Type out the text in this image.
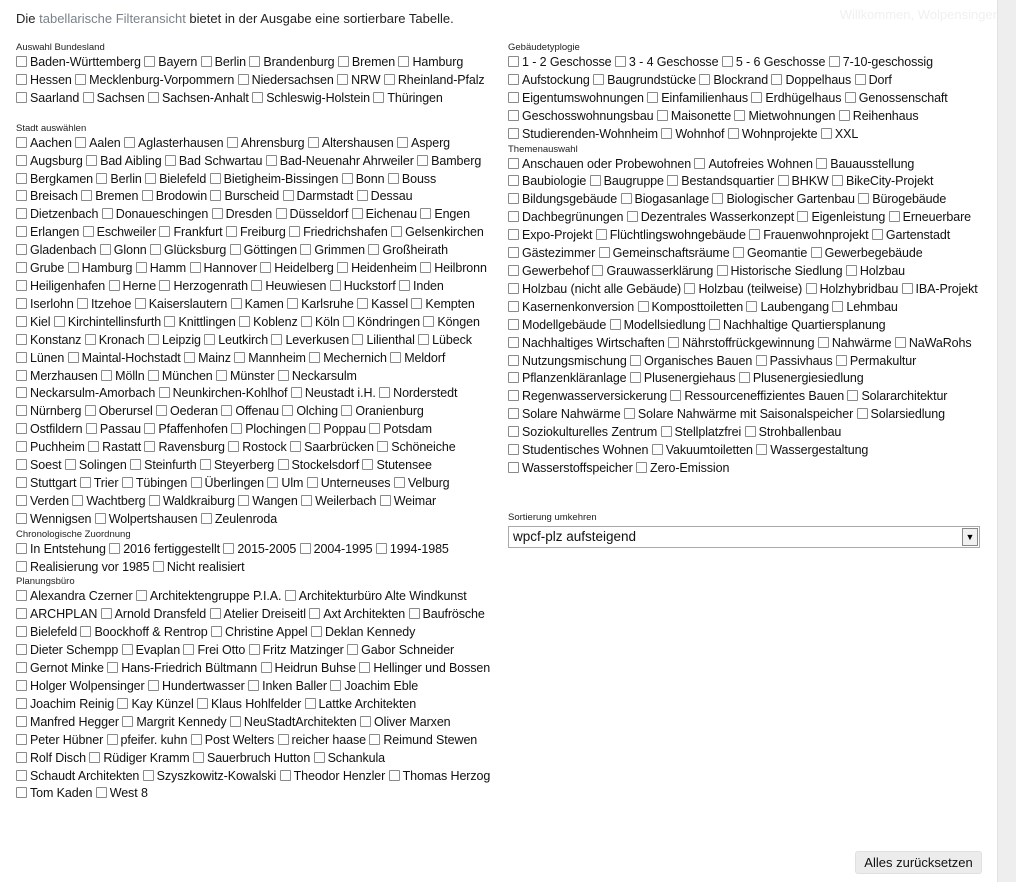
Willkommen, Wolpensinger
Die tabellarische Filteransicht bietet in der Ausgabe eine sortierbare Tabelle.
Auswahl Bundesland
Baden-Württemberg Bayern Berlin Brandenburg Bremen Hamburg Hessen Mecklenburg-Vorpommern Niedersachsen NRW Rheinland-Pfalz Saarland Sachsen Sachsen-Anhalt Schleswig-Holstein Thüringen
Stadt auswählen
Aachen Aalen Aglasterhausen Ahrensburg Altershausen Asperg Augsburg Bad Aibling Bad Schwartau Bad-Neuenahr Ahrweiler Bamberg Bergkamen Berlin Bielefeld Bietigheim-Bissingen Bonn Bouss Breisach Bremen Brodowin Burscheid Darmstadt Dessau Dietzenbach Donaueschingen Dresden Düsseldorf Eichenau Engen Erlangen Eschweiler Frankfurt Freiburg Friedrichshafen Gelsenkirchen Gladenbach Glonn Glücksburg Göttingen Grimmen Großheirath Grube Hamburg Hamm Hannover Heidelberg Heidenheim Heilbronn Heiligenhafen Herne Herzogenrath Heuwiesen Huckstorf Inden Iserlohn Itzehoe Kaiserslautern Kamen Karlsruhe Kassel Kempten Kiel Kirchintellinsfurth Knittlingen Koblenz Köln Köndringen Köngen Konstanz Kronach Leipzig Leutkirch Leverkusen Lilienthal Lübeck Lünen Maintal-Hochstadt Mainz Mannheim Mechernich Meldorf Merzhausen Mölln München Münster Neckarsulm Neckarsulm-Amorbach Neunkirchen-Kohlhof Neustadt i.H. Norderstedt Nürnberg Oberursel Oederan Offenau Olching Oranienburg Ostfildern Passau Pfaffenhofen Plochingen Poppau Potsdam Puchheim Rastatt Ravensburg Rostock Saarbrücken Schöneiche Soest Solingen Steinfurth Steyerberg Stockelsdorf Stutensee Stuttgart Trier Tübingen Überlingen Ulm Unterneuses Velburg Verden Wachtberg Waldkraiburg Wangen Weilerbach Weimar Wennigsen Wolpertshausen Zeulenroda
Chronologische Zuordnung
In Entstehung 2016 fertiggestellt 2015-2005 2004-1995 1994-1985 Realisierung vor 1985 Nicht realisiert
Planungsbüro
Alexandra Czerner Architektengruppe P.I.A. Architekturbüro Alte Windkunst ARCHPLAN Arnold Dransfeld Atelier Dreiseitl Axt Architekten Baufrösche Bielefeld Boockhoff & Rentrop Christine Appel Deklan Kennedy Dieter Schempp Evaplan Frei Otto Fritz Matzinger Gabor Schneider Gernot Minke Hans-Friedrich Bültmann Heidrun Buhse Hellinger und Bossen Holger Wolpensinger Hundertwasser Inken Baller Joachim Eble Joachim Reinig Kay Künzel Klaus Hohlfelder Lattke Architekten Manfred Hegger Margrit Kennedy NeuStadtArchitekten Oliver Marxen Peter Hübner pfeifer. kuhn Post Welters reicher haase Reimund Stewen Rolf Disch Rüdiger Kramm Sauerbruch Hutton Schankula Schaudt Architekten Szyszkowitz-Kowalski Theodor Henzler Thomas Herzog Tom Kaden West 8
Gebäudetyplogie
1 - 2 Geschosse 3 - 4 Geschosse 5 - 6 Geschosse 7-10-geschossig Aufstockung Baugrundstücke Blockrand Doppelhaus Dorf Eigentumswohnungen Einfamilienhaus Erdhügelhaus Genossenschaft Geschosswohnungsbau Maisonette Mietwohnungen Reihenhaus Studierenden-Wohnheim Wohnhof Wohnprojekte XXL
Themenauswahl
Anschauen oder Probewohnen Autofreies Wohnen Bauausstellung Baubiologie Baugruppe Bestandsquartier BHKW BikeCity-Projekt Bildungsgebäude Biogasanlage Biologischer Gartenbau Bürogebäude Dachbegrünungen Dezentrales Wasserkonzept Eigenleistung Erneuerbare Expo-Projekt Flüchtlingswohngebäude Frauenwohnprojekt Gartenstadt Gästezimmer Gemeinschaftsräume Geomantie Gewerbegebäude Gewerbehof Grauwasserklärung Historische Siedlung Holzbau Holzbau (nicht alle Gebäude) Holzbau (teilweise) Holzhybridbau IBA-Projekt Kasernenkonversion Komposttoiletten Laubengang Lehmbau Modellgebäude Modellsiedlung Nachhaltige Quartiersplanung Nachhaltiges Wirtschaften Nährstoffrückgewinnung Nahwärme NaWaRohs Nutzungsmischung Organisches Bauen Passivhaus Permakultur Pflanzenkläranlage Plusenergiehaus Plusenergiesiedlung Regenwasserversickerung Ressourceneffizientes Bauen Solararchitektur Solare Nahwärme Solare Nahwärme mit Saisonalspeicher Solarsiedlung Soziokulturelles Zentrum Stellplatzfrei Strohballenbau Studentisches Wohnen Vakuumtoiletten Wassergestaltung Wasserstoffspeicher Zero-Emission
Sortierung umkehren
wpcf-plz aufsteigend	▼
Alles zurücksetzen
